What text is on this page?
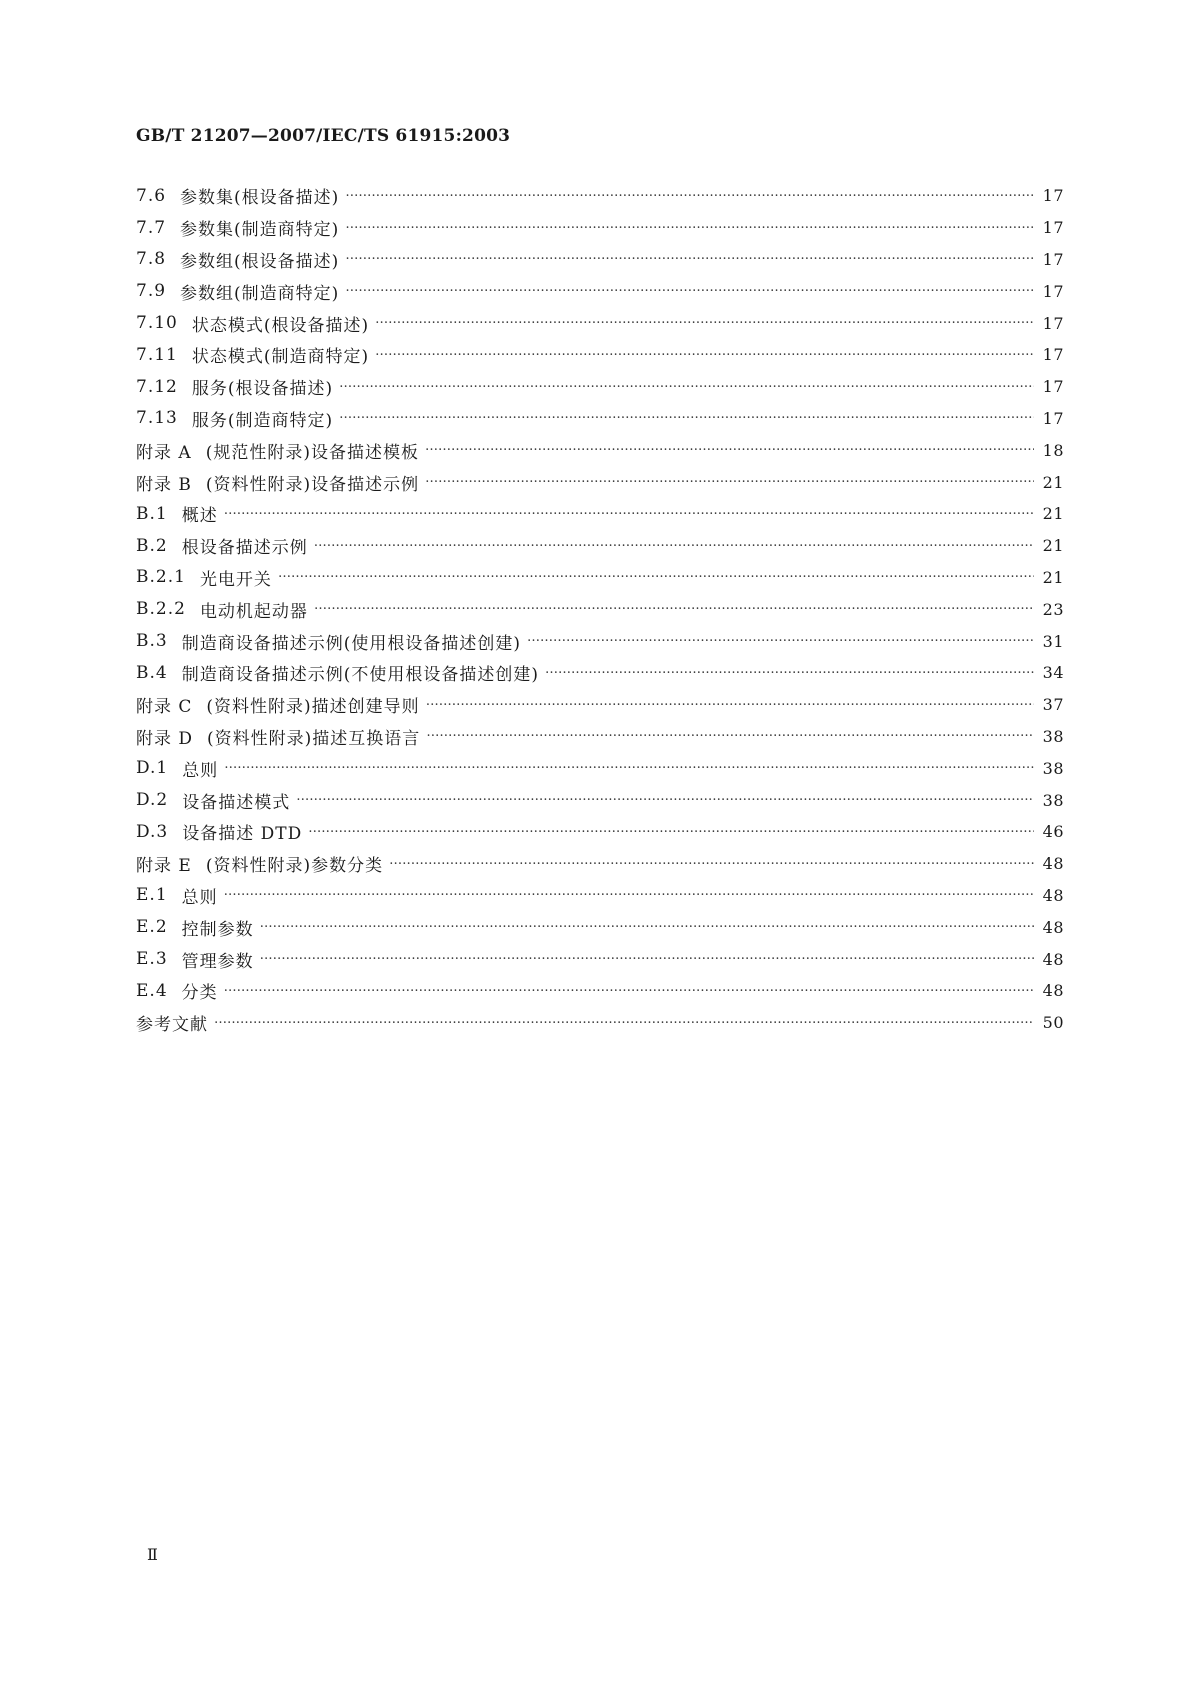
GB/T 21207—2007/IEC/TS 61915:2003
7.6 参数集(根设备描述) …………………………………………………………………………………………………………………………………………………………………………………………………………………………………………………	17
7.7 参数集(制造商特定) …………………………………………………………………………………………………………………………………………………………………………………………………………………………………………………	17
7.8 参数组(根设备描述) …………………………………………………………………………………………………………………………………………………………………………………………………………………………………………………	17
7.9 参数组(制造商特定) …………………………………………………………………………………………………………………………………………………………………………………………………………………………………………………	17
7.10 状态模式(根设备描述) …………………………………………………………………………………………………………………………………………………………………………………………………………………………………………………	17
7.11 状态模式(制造商特定) …………………………………………………………………………………………………………………………………………………………………………………………………………………………………………………	17
7.12 服务(根设备描述) …………………………………………………………………………………………………………………………………………………………………………………………………………………………………………………	17
7.13 服务(制造商特定) …………………………………………………………………………………………………………………………………………………………………………………………………………………………………………………	17
附录 A (规范性附录)设备描述模板 …………………………………………………………………………………………………………………………………………………………………………………………………………………………………………………	18
附录 B (资料性附录)设备描述示例 …………………………………………………………………………………………………………………………………………………………………………………………………………………………………………………	21
B.1 概述 …………………………………………………………………………………………………………………………………………………………………………………………………………………………………………………	21
B.2 根设备描述示例 …………………………………………………………………………………………………………………………………………………………………………………………………………………………………………………	21
B.2.1 光电开关 …………………………………………………………………………………………………………………………………………………………………………………………………………………………………………………	21
B.2.2 电动机起动器 …………………………………………………………………………………………………………………………………………………………………………………………………………………………………………………	23
B.3 制造商设备描述示例(使用根设备描述创建) …………………………………………………………………………………………………………………………………………………………………………………………………………………………………………………	31
B.4 制造商设备描述示例(不使用根设备描述创建) …………………………………………………………………………………………………………………………………………………………………………………………………………………………………………………	34
附录 C (资料性附录)描述创建导则 …………………………………………………………………………………………………………………………………………………………………………………………………………………………………………………	37
附录 D (资料性附录)描述互换语言 …………………………………………………………………………………………………………………………………………………………………………………………………………………………………………………	38
D.1 总则 …………………………………………………………………………………………………………………………………………………………………………………………………………………………………………………	38
D.2 设备描述模式 …………………………………………………………………………………………………………………………………………………………………………………………………………………………………………………	38
D.3 设备描述 DTD …………………………………………………………………………………………………………………………………………………………………………………………………………………………………………………	46
附录 E (资料性附录)参数分类 …………………………………………………………………………………………………………………………………………………………………………………………………………………………………………………	48
E.1 总则 …………………………………………………………………………………………………………………………………………………………………………………………………………………………………………………	48
E.2 控制参数 …………………………………………………………………………………………………………………………………………………………………………………………………………………………………………………	48
E.3 管理参数 …………………………………………………………………………………………………………………………………………………………………………………………………………………………………………………	48
E.4 分类 …………………………………………………………………………………………………………………………………………………………………………………………………………………………………………………	48
参考文献 …………………………………………………………………………………………………………………………………………………………………………………………………………………………………………………	50
Ⅱ
